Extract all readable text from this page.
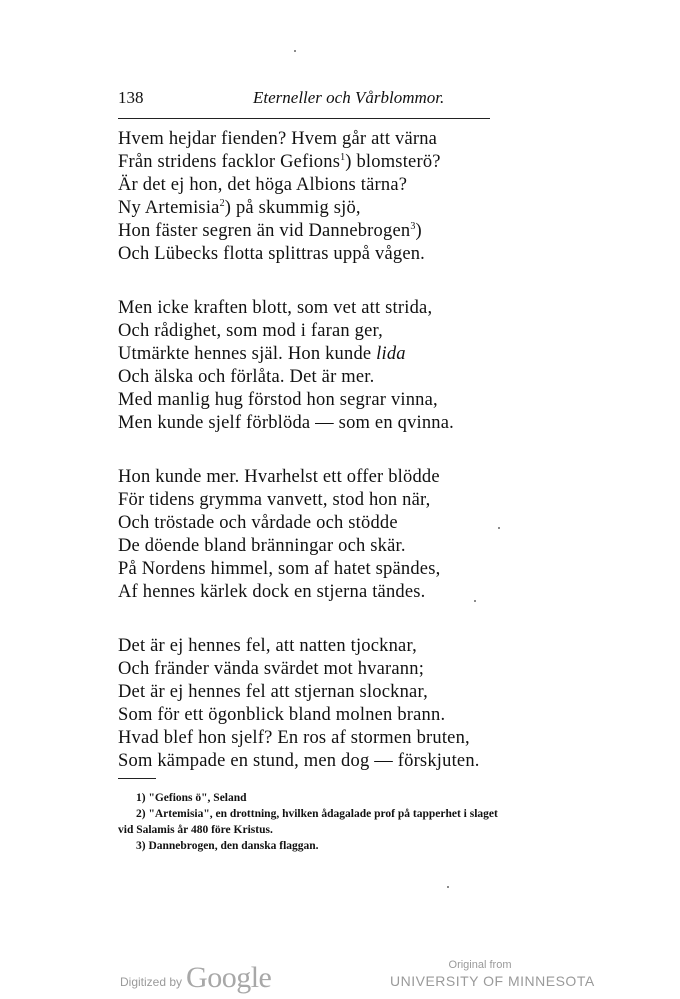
138	Eterneller och Vårblommor.
Hvem hejdar fienden? Hvem går att värna
Från stridens facklor Gefions$^1$) blomsterö?
Är det ej hon, det höga Albions tärna?
Ny Artemisia$^2$) på skummig sjö,
Hon fäster segren än vid Dannebrogen$^3$)
Och Lübecks flotta splittras uppå vågen.
Men icke kraften blott, som vet att strida,
Och rådighet, som mod i faran ger,
Utmärkte hennes själ. Hon kunde lida
Och älska och förlåta. Det är mer.
Med manlig hug förstod hon segrar vinna,
Men kunde sjelf förblöda — som en qvinna.
Hon kunde mer. Hvarhelst ett offer blödde
För tidens grymma vanvett, stod hon när,
Och tröstade och vårdade och stödde
De döende bland bränningar och skär.
På Nordens himmel, som af hatet spändes,
Af hennes kärlek dock en stjerna tändes.
Det är ej hennes fel, att natten tjocknar,
Och fränder vända svärdet mot hvarann;
Det är ej hennes fel att stjernan slocknar,
Som för ett ögonblick bland molnen brann.
Hvad blef hon sjelf? En ros af stormen bruten,
Som kämpade en stund, men dog — förskjuten.
1) "Gefions ö", Seland
2) "Artemisia", en drottning, hvilken ådagalade prof på tapperhet i slaget
vid Salamis år 480 före Kristus.
3) Dannebrogen, den danska flaggan.
Digitized by Google	Original from
UNIVERSITY OF MINNESOTA
